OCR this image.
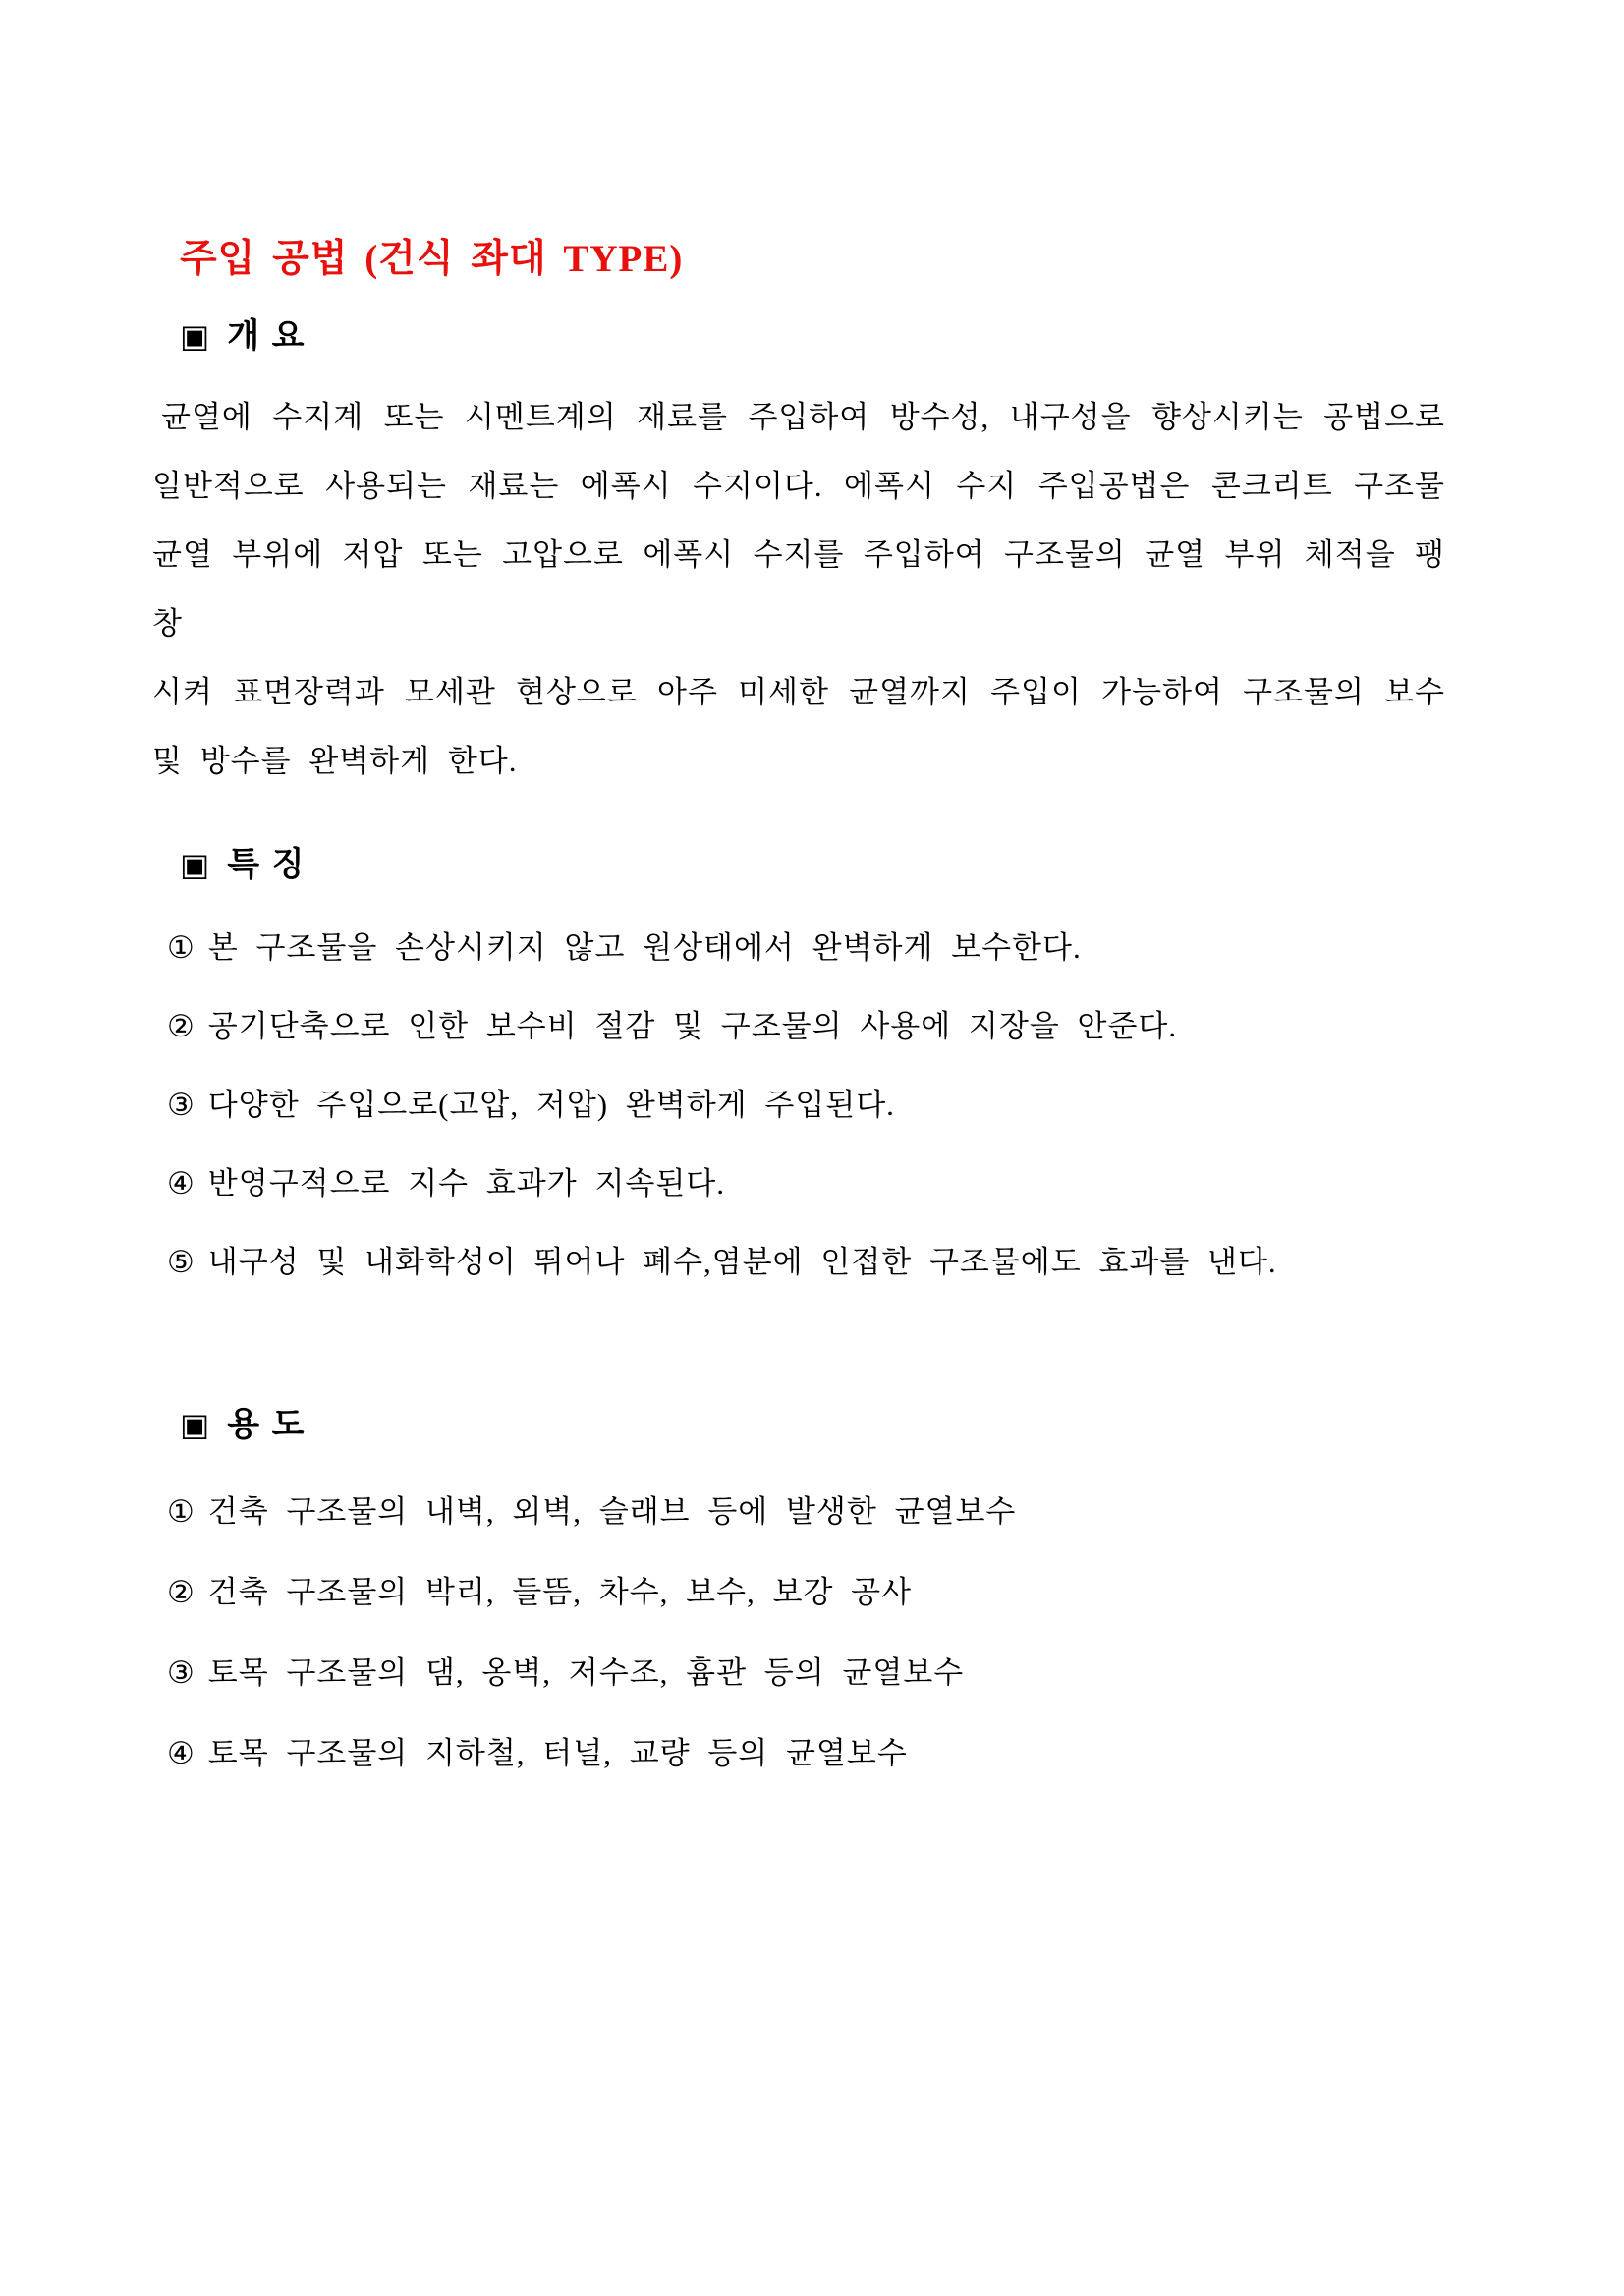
주입 공법 (건식 좌대 TYPE)
▣ 개 요
균열에 수지계 또는 시멘트계의 재료를 주입하여 방수성, 내구성을 향상시키는 공법으로
일반적으로 사용되는 재료는 에폭시 수지이다. 에폭시 수지 주입공법은 콘크리트 구조물
균열 부위에 저압 또는 고압으로 에폭시 수지를 주입하여 구조물의 균열 부위 체적을 팽창
시켜 표면장력과 모세관 현상으로 아주 미세한 균열까지 주입이 가능하여 구조물의 보수
및 방수를 완벽하게 한다.
▣ 특 징
① 본 구조물을 손상시키지 않고 원상태에서 완벽하게 보수한다.
② 공기단축으로 인한 보수비 절감 및 구조물의 사용에 지장을 안준다.
③ 다양한 주입으로(고압, 저압) 완벽하게 주입된다.
④ 반영구적으로 지수 효과가 지속된다.
⑤ 내구성 및 내화학성이 뛰어나 폐수,염분에 인접한 구조물에도 효과를 낸다.
▣ 용 도
① 건축 구조물의 내벽, 외벽, 슬래브 등에 발생한 균열보수
② 건축 구조물의 박리, 들뜸, 차수, 보수, 보강 공사
③ 토목 구조물의 댐, 옹벽, 저수조, 흄관 등의 균열보수
④ 토목 구조물의 지하철, 터널, 교량 등의 균열보수
